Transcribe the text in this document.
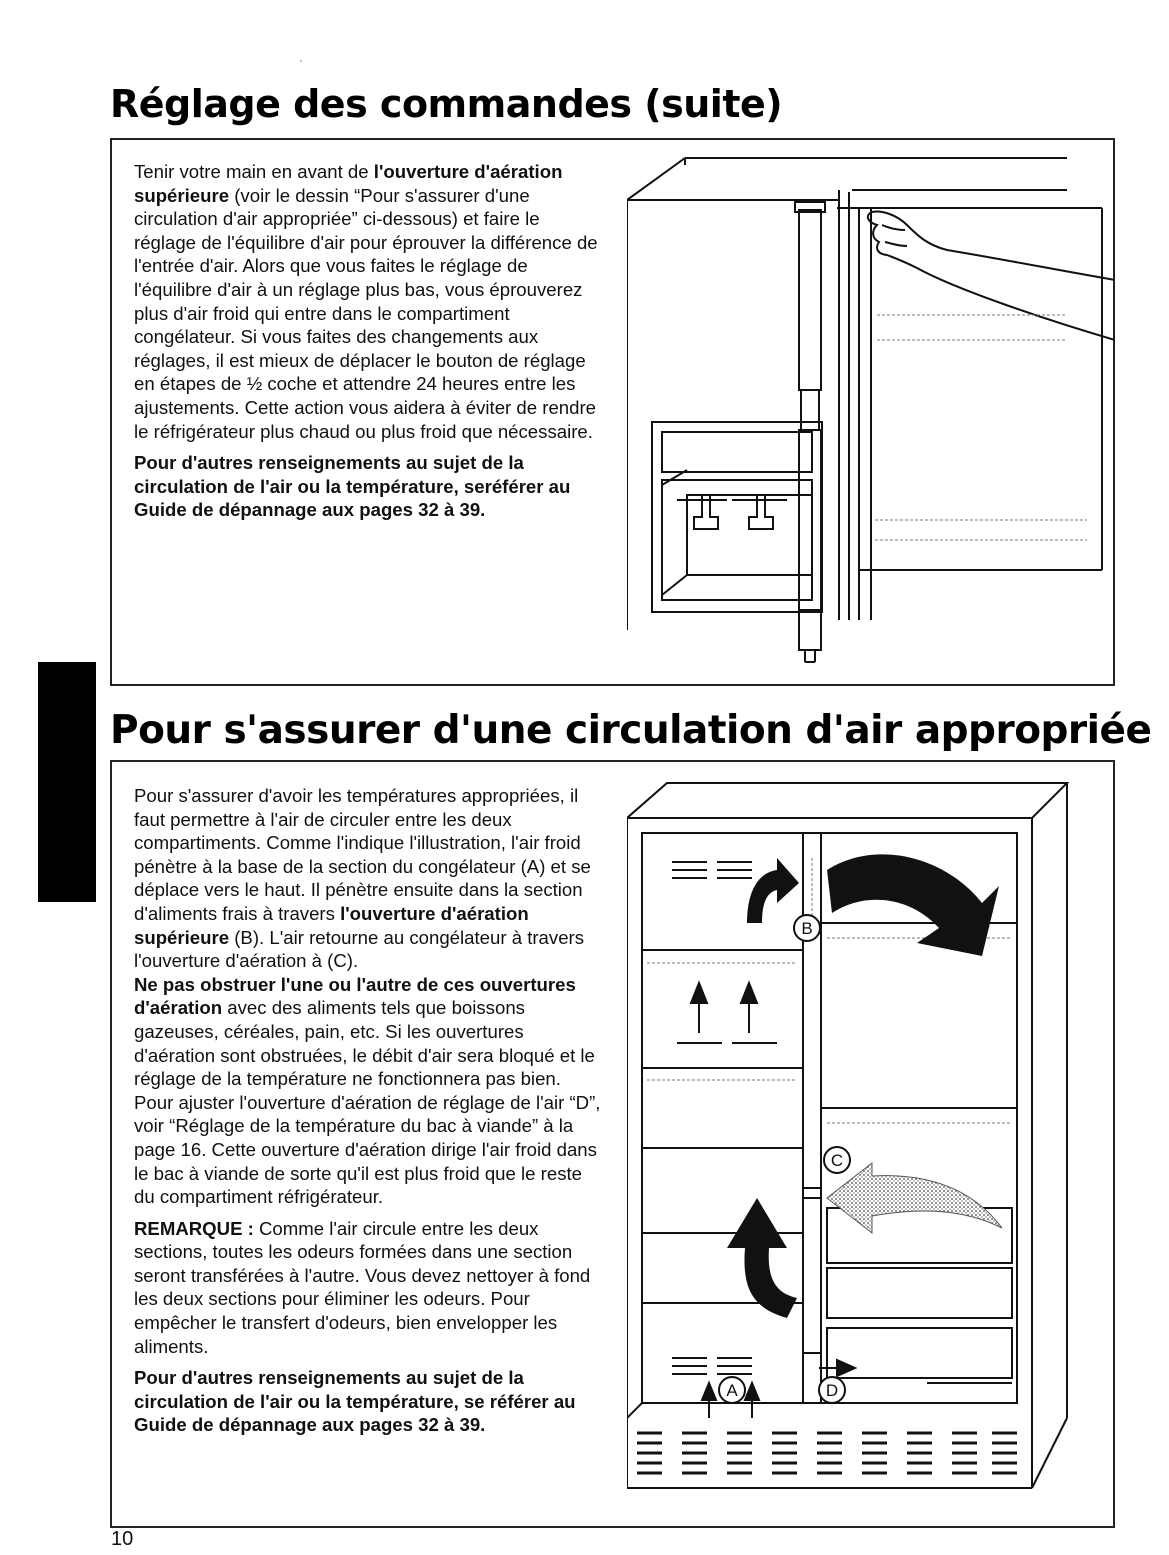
Réglage des commandes (suite)

Tenir votre main en avant de l'ouverture d'aération supérieure (voir le dessin “Pour s'assurer d'une circulation d'air appropriée” ci-dessous) et faire le réglage de l'équilibre d'air pour éprouver la différence de l'entrée d'air. Alors que vous faites le réglage de l'équilibre d'air à un réglage plus bas, vous éprouverez plus d'air froid qui entre dans le compartiment congélateur. Si vous faites des changements aux réglages, il est mieux de déplacer le bouton de réglage en étapes de ½ coche et attendre 24 heures entre les ajustements. Cette action vous aidera à éviter de rendre le réfrigérateur plus chaud ou plus froid que nécessaire.

Pour d'autres renseignements au sujet de la circulation de l'air ou la température, seréférer au Guide de dépannage aux pages 32 à 39.

Pour s'assurer d'une circulation d'air appropriée

Pour s'assurer d'avoir les températures appropriées, il faut permettre à l'air de circuler entre les deux compartiments. Comme l'indique l'illustration, l'air froid pénètre à la base de la section du congélateur (A) et se déplace vers le haut. Il pénètre ensuite dans la section d'aliments frais à travers l'ouverture d'aération supérieure (B). L'air retourne au congélateur à travers l'ouverture d'aération à (C).

Ne pas obstruer l'une ou l'autre de ces ouvertures d'aération avec des aliments tels que boissons gazeuses, céréales, pain, etc. Si les ouvertures d'aération sont obstruées, le débit d'air sera bloqué et le réglage de la température ne fonctionnera pas bien.

Pour ajuster l'ouverture d'aération de réglage de l'air “D”, voir “Réglage de la température du bac à viande” à la page 16. Cette ouverture d'aération dirige l'air froid dans le bac à viande de sorte qu'il est plus froid que le reste du compartiment réfrigérateur.

REMARQUE : Comme l'air circule entre les deux sections, toutes les odeurs formées dans une section seront transférées à l'autre. Vous devez nettoyer à fond les deux sections pour éliminer les odeurs. Pour empêcher le transfert d'odeurs, bien envelopper les aliments.

Pour d'autres renseignements au sujet de la circulation de l'air ou la température, se référer au Guide de dépannage aux pages 32 à 39.

B
C
A	D
10
